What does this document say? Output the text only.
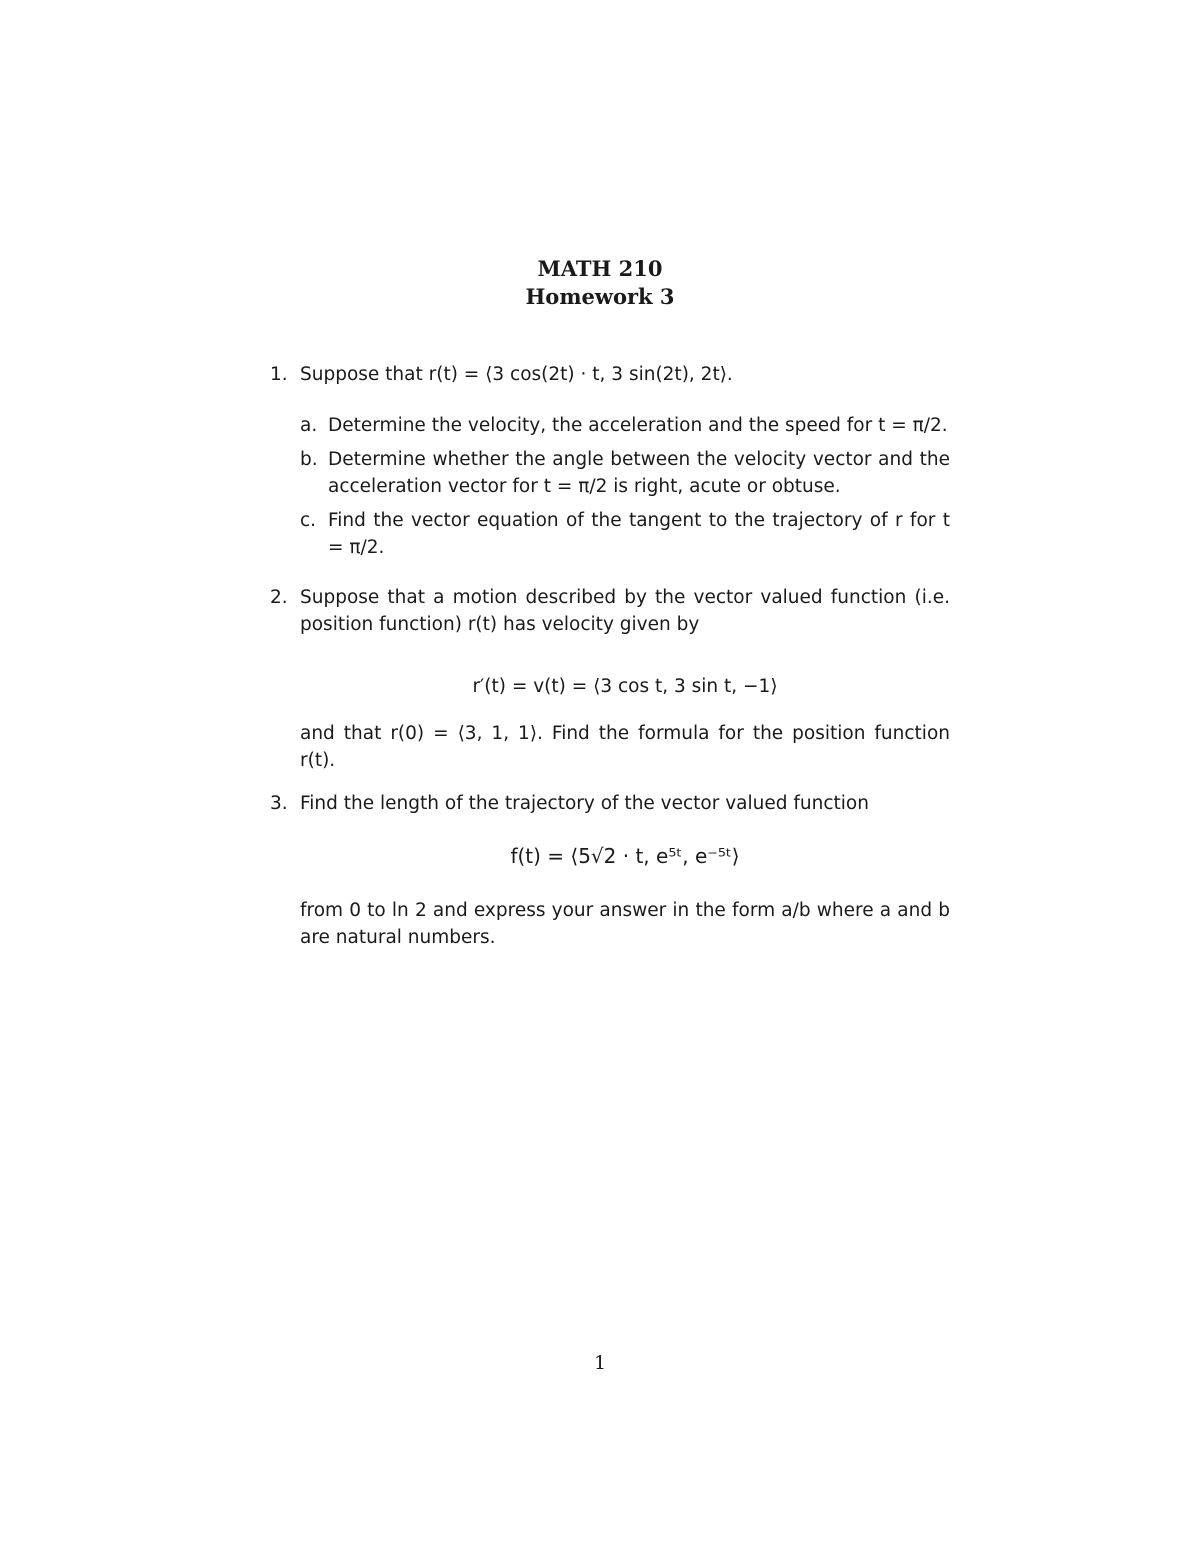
MATH 210
Homework 3
1. Suppose that r(t) = ⟨3 cos(2t) · t, 3 sin(2t), 2t⟩.
a. Determine the velocity, the acceleration and the speed for t = π/2.
b. Determine whether the angle between the velocity vector and the acceleration vector for t = π/2 is right, acute or obtuse.
c. Find the vector equation of the tangent to the trajectory of r for t = π/2.
2. Suppose that a motion described by the vector valued function (i.e. position function) r(t) has velocity given by
r′(t) = v(t) = ⟨3 cos t, 3 sin t, −1⟩
and that r(0) = ⟨3, 1, 1⟩. Find the formula for the position function r(t).
3. Find the length of the trajectory of the vector valued function
f(t) = ⟨5√2 · t, e⁵ᵗ, e⁻⁵ᵗ⟩
from 0 to ln 2 and express your answer in the form a/b where a and b are natural numbers.
1
